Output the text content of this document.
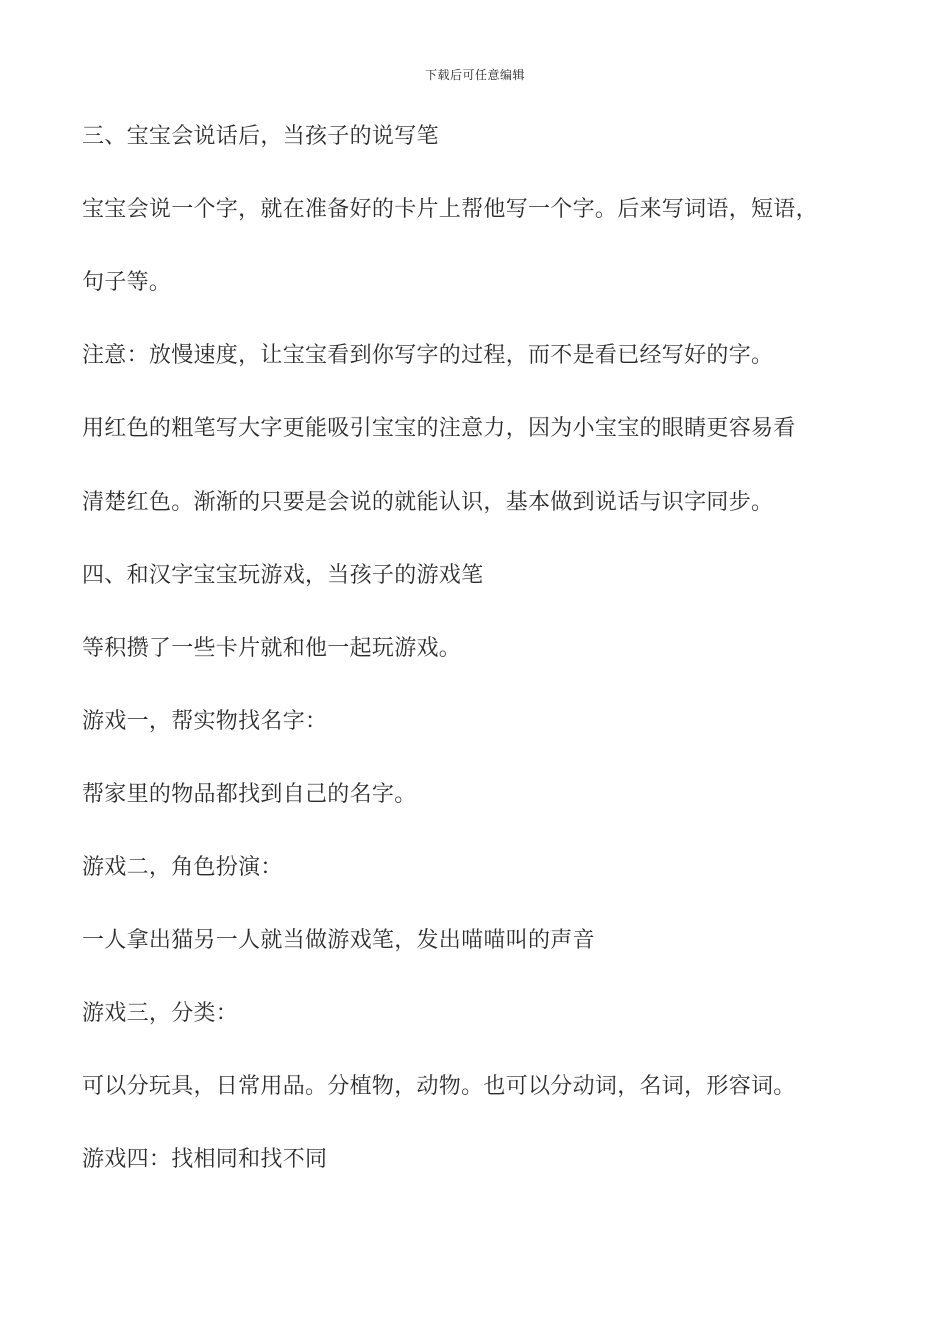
下载后可任意编辑

三、宝宝会说话后，当孩子的说写笔

宝宝会说一个字，就在准备好的卡片上帮他写一个字。后来写词语，短语，

句子等。

注意：放慢速度，让宝宝看到你写字的过程，而不是看已经写好的字。

用红色的粗笔写大字更能吸引宝宝的注意力，因为小宝宝的眼睛更容易看

清楚红色。渐渐的只要是会说的就能认识，基本做到说话与识字同步。

四、和汉字宝宝玩游戏，当孩子的游戏笔

等积攒了一些卡片就和他一起玩游戏。

游戏一，帮实物找名字：

帮家里的物品都找到自己的名字。

游戏二，角色扮演：

一人拿出猫另一人就当做游戏笔，发出喵喵叫的声音

游戏三，分类：

可以分玩具，日常用品。分植物，动物。也可以分动词，名词，形容词。

游戏四：找相同和找不同
